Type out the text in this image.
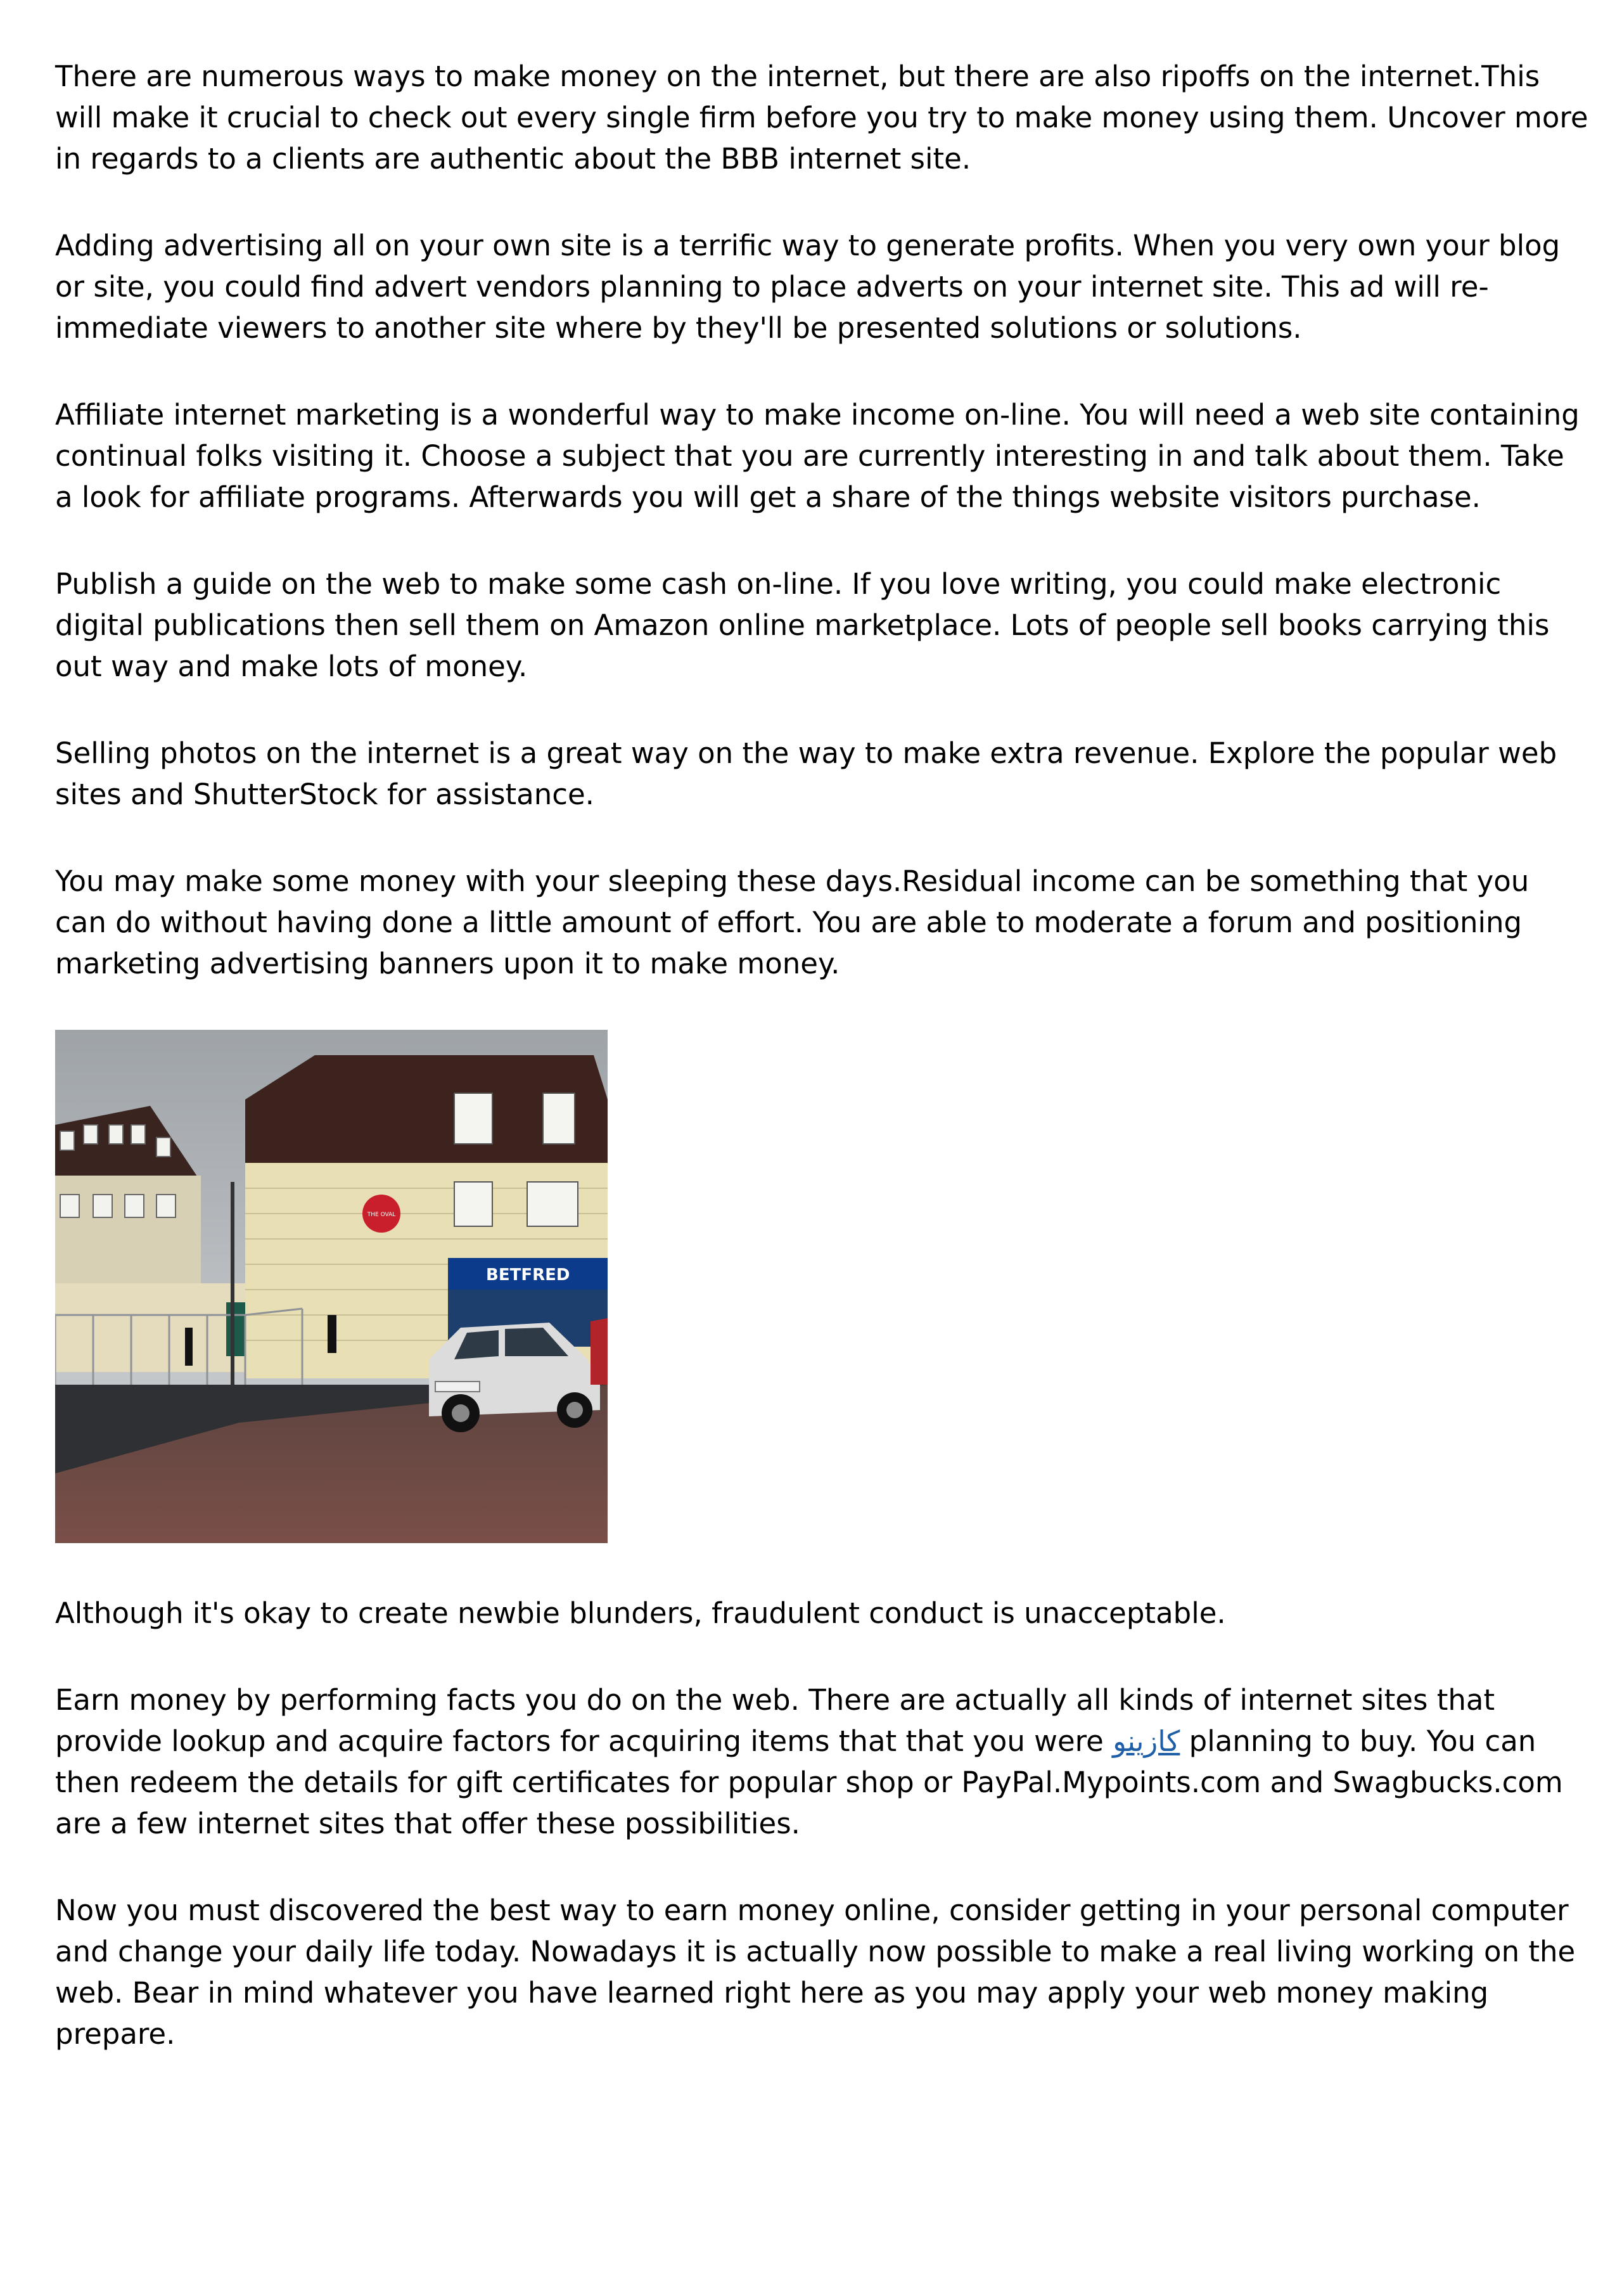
There are numerous ways to make money on the internet, but there are also ripoffs on the internet.This will make it crucial to check out every single firm before you try to make money using them. Uncover more in regards to a clients are authentic about the BBB internet site.

Adding advertising all on your own site is a terrific way to generate profits. When you very own your blog or site, you could find advert vendors planning to place adverts on your internet site. This ad will re-immediate viewers to another site where by they'll be presented solutions or solutions.

Affiliate internet marketing is a wonderful way to make income on-line. You will need a web site containing continual folks visiting it. Choose a subject that you are currently interesting in and talk about them. Take a look for affiliate programs. Afterwards you will get a share of the things website visitors purchase.

Publish a guide on the web to make some cash on-line. If you love writing, you could make electronic digital publications then sell them on Amazon online marketplace. Lots of people sell books carrying this out way and make lots of money.

Selling photos on the internet is a great way on the way to make extra revenue. Explore the popular web sites and ShutterStock for assistance.

You may make some money with your sleeping these days.Residual income can be something that you can do without having done a little amount of effort. You are able to moderate a forum and positioning marketing advertising banners upon it to make money.

THE OVAL
BETFRED

Although it's okay to create newbie blunders, fraudulent conduct is unacceptable.

Earn money by performing facts you do on the web. There are actually all kinds of internet sites that provide lookup and acquire factors for acquiring items that that you were کازینو planning to buy. You can then redeem the details for gift certificates for popular shop or PayPal.Mypoints.com and Swagbucks.com are a few internet sites that offer these possibilities.

Now you must discovered the best way to earn money online, consider getting in your personal computer and change your daily life today. Nowadays it is actually now possible to make a real living working on the web. Bear in mind whatever you have learned right here as you may apply your web money making prepare.
